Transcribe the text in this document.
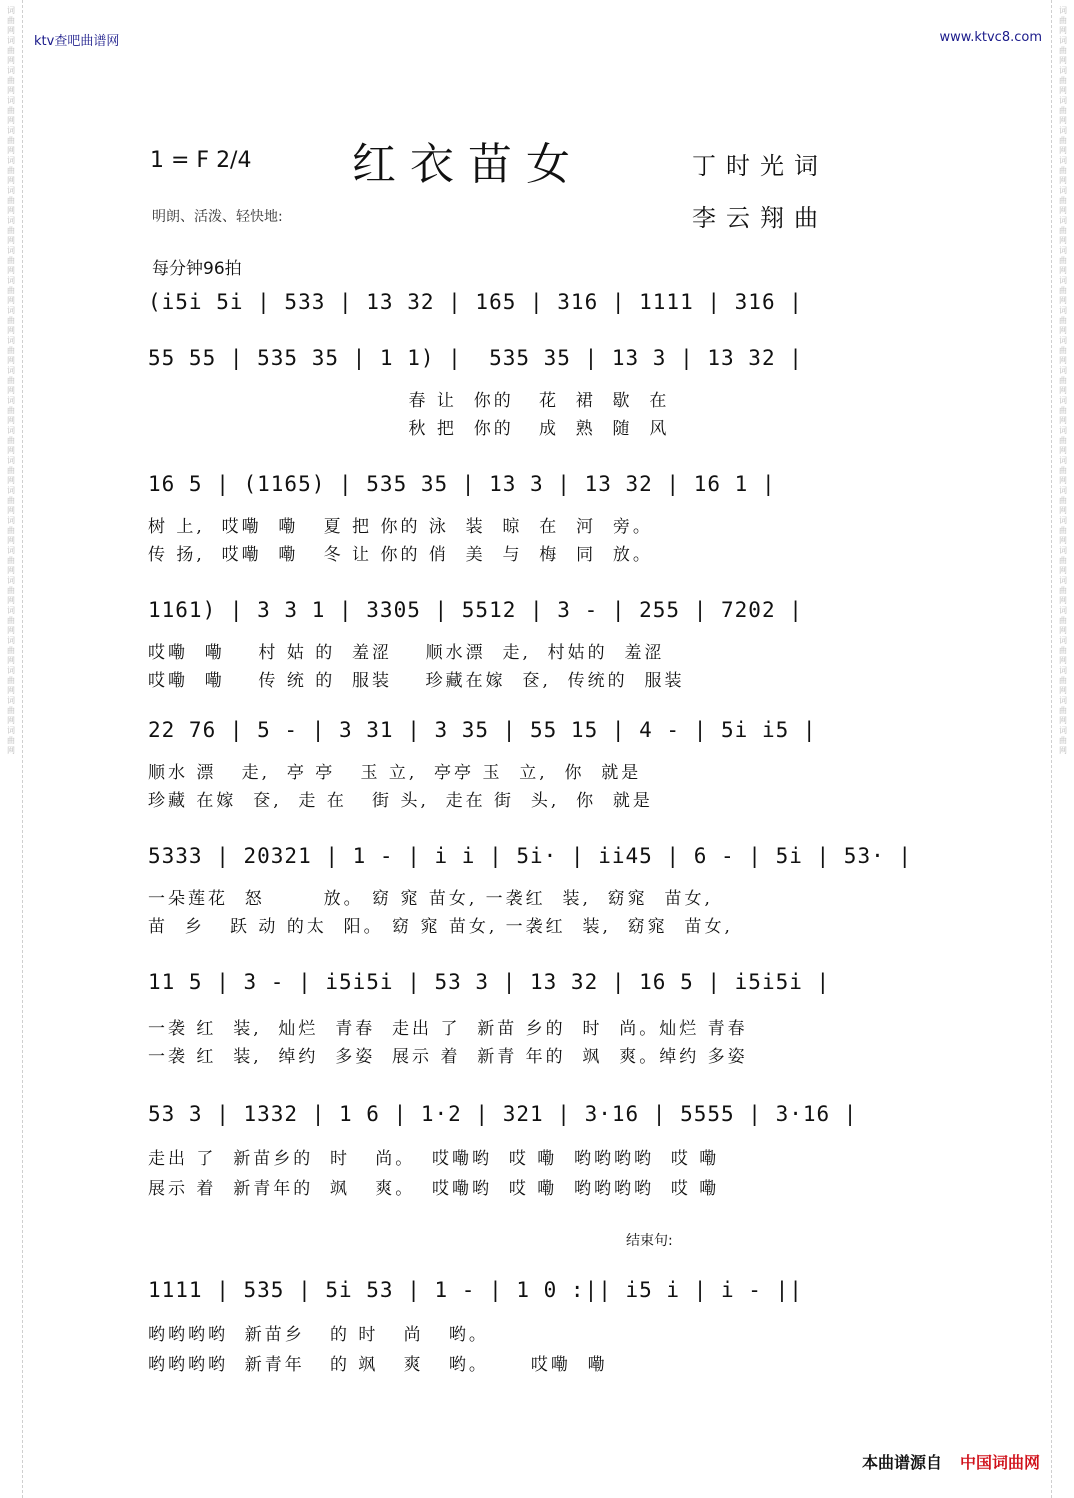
词曲网词曲网词曲网词曲网词曲网词曲网词曲网词曲网词曲网词曲网词曲网词曲网词曲网词曲网词曲网词曲网词曲网词曲网词曲网词曲网词曲网词曲网词曲网词曲网词曲网
词曲网词曲网词曲网词曲网词曲网词曲网词曲网词曲网词曲网词曲网词曲网词曲网词曲网词曲网词曲网词曲网词曲网词曲网词曲网词曲网词曲网词曲网词曲网词曲网词曲网
ktv查吧曲谱网	www.ktvc8.com
1 = F 2/4 红衣苗女	丁时光词
李云翔曲
明朗、活泼、轻快地:
每分钟96拍
(i5i 5i | 533 | 13 32 | 165 | 316 | 1111 | 316 |
55 55 | 535 35 | 1 1) |  535 35 | 13 3 | 13 32 |
春 让  你的   花  裙  歇  在
秋 把  你的   成  熟  随  风
16 5 | (1165) | 535 35 | 13 3 | 13 32 | 16 1 |
树 上,  哎嘞  嘞   夏 把 你的 泳  装  晾  在  河  旁。
传 扬,  哎嘞  嘞   冬 让 你的 俏  美  与  梅  同  放。
1161) | 3 3 1 | 3305 | 5512 | 3 - | 255 | 7202 |
哎嘞  嘞    村 姑 的  羞涩    顺水漂  走,  村姑的  羞涩
哎嘞  嘞    传 统 的  服装    珍藏在嫁  奁,  传统的  服装
22 76 | 5 - | 3 31 | 3 35 | 55 15 | 4 - | 5i i5 |
顺水 漂   走,  亭 亭   玉 立,  亭亭 玉  立,  你  就是
珍藏 在嫁  奁,  走 在   街 头,  走在 街  头,  你  就是
5333 | 20321 | 1 - | i i | 5i· | ii45 | 6 - | 5i | 53· |
一朵莲花  怒       放。 窈 窕 苗女, 一袭红  装,  窈窕  苗女,
苗  乡   跃 动 的太  阳。 窈 窕 苗女, 一袭红  装,  窈窕  苗女,
11 5 | 3 - | i5i5i | 53 3 | 13 32 | 16 5 | i5i5i |
一袭 红  装,  灿烂  青春  走出 了  新苗 乡的  时  尚。灿烂 青春
一袭 红  装,  绰约  多姿  展示 着  新青 年的  飒  爽。绰约 多姿
53 3 | 1332 | 1 6 | 1·2 | 321 | 3·16 | 5555 | 3·16 |
走出 了  新苗乡的  时   尚。  哎嘞哟  哎 嘞  哟哟哟哟  哎 嘞
展示 着  新青年的  飒   爽。  哎嘞哟  哎 嘞  哟哟哟哟  哎 嘞
结束句:
1111 | 535 | 5i 53 | 1 - | 1 0 :|| i5 i | i - ||
哟哟哟哟  新苗乡   的 时   尚   哟。
哟哟哟哟  新青年   的 飒   爽   哟。     哎嘞  嘞
本曲谱源自 中国词曲网
